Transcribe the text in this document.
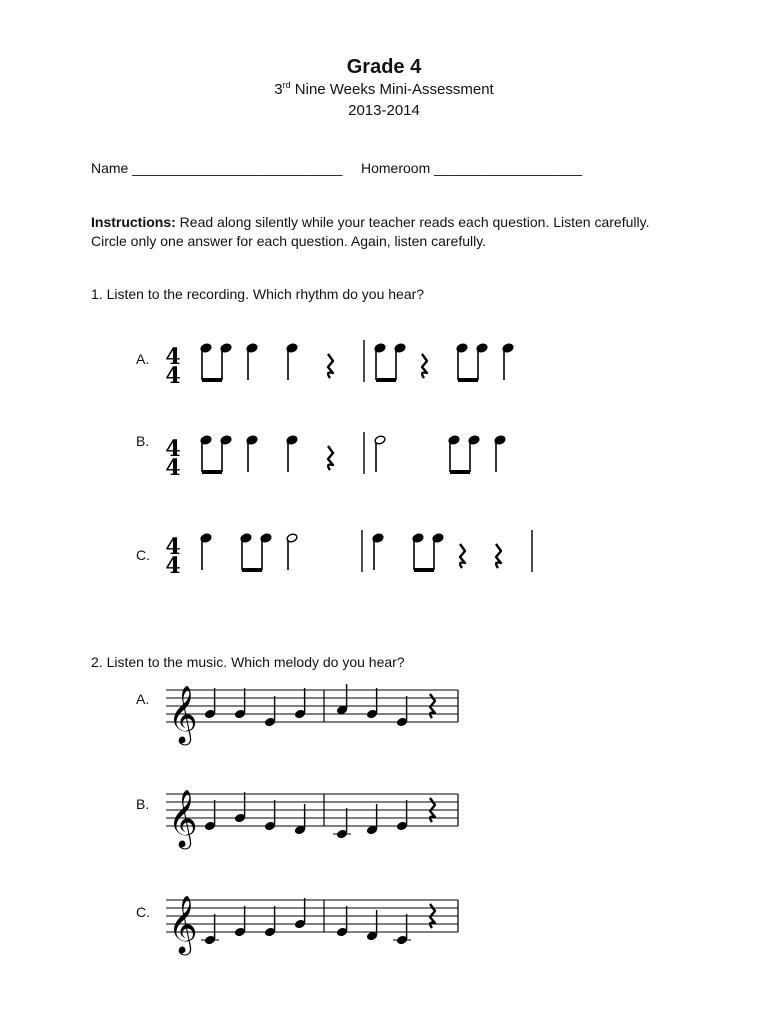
Grade 4
3rd Nine Weeks Mini-Assessment
2013-2014
Name ___________________________ Homeroom ___________________
Instructions: Read along silently while your teacher reads each question. Listen carefully. Circle only one answer for each question. Again, listen carefully.
1. Listen to the recording. Which rhythm do you hear?
A. 4
4
B. 4
4
C. 4
4
2. Listen to the music. Which melody do you hear?
A. 𝄞
B. 𝄞
C. 𝄞
